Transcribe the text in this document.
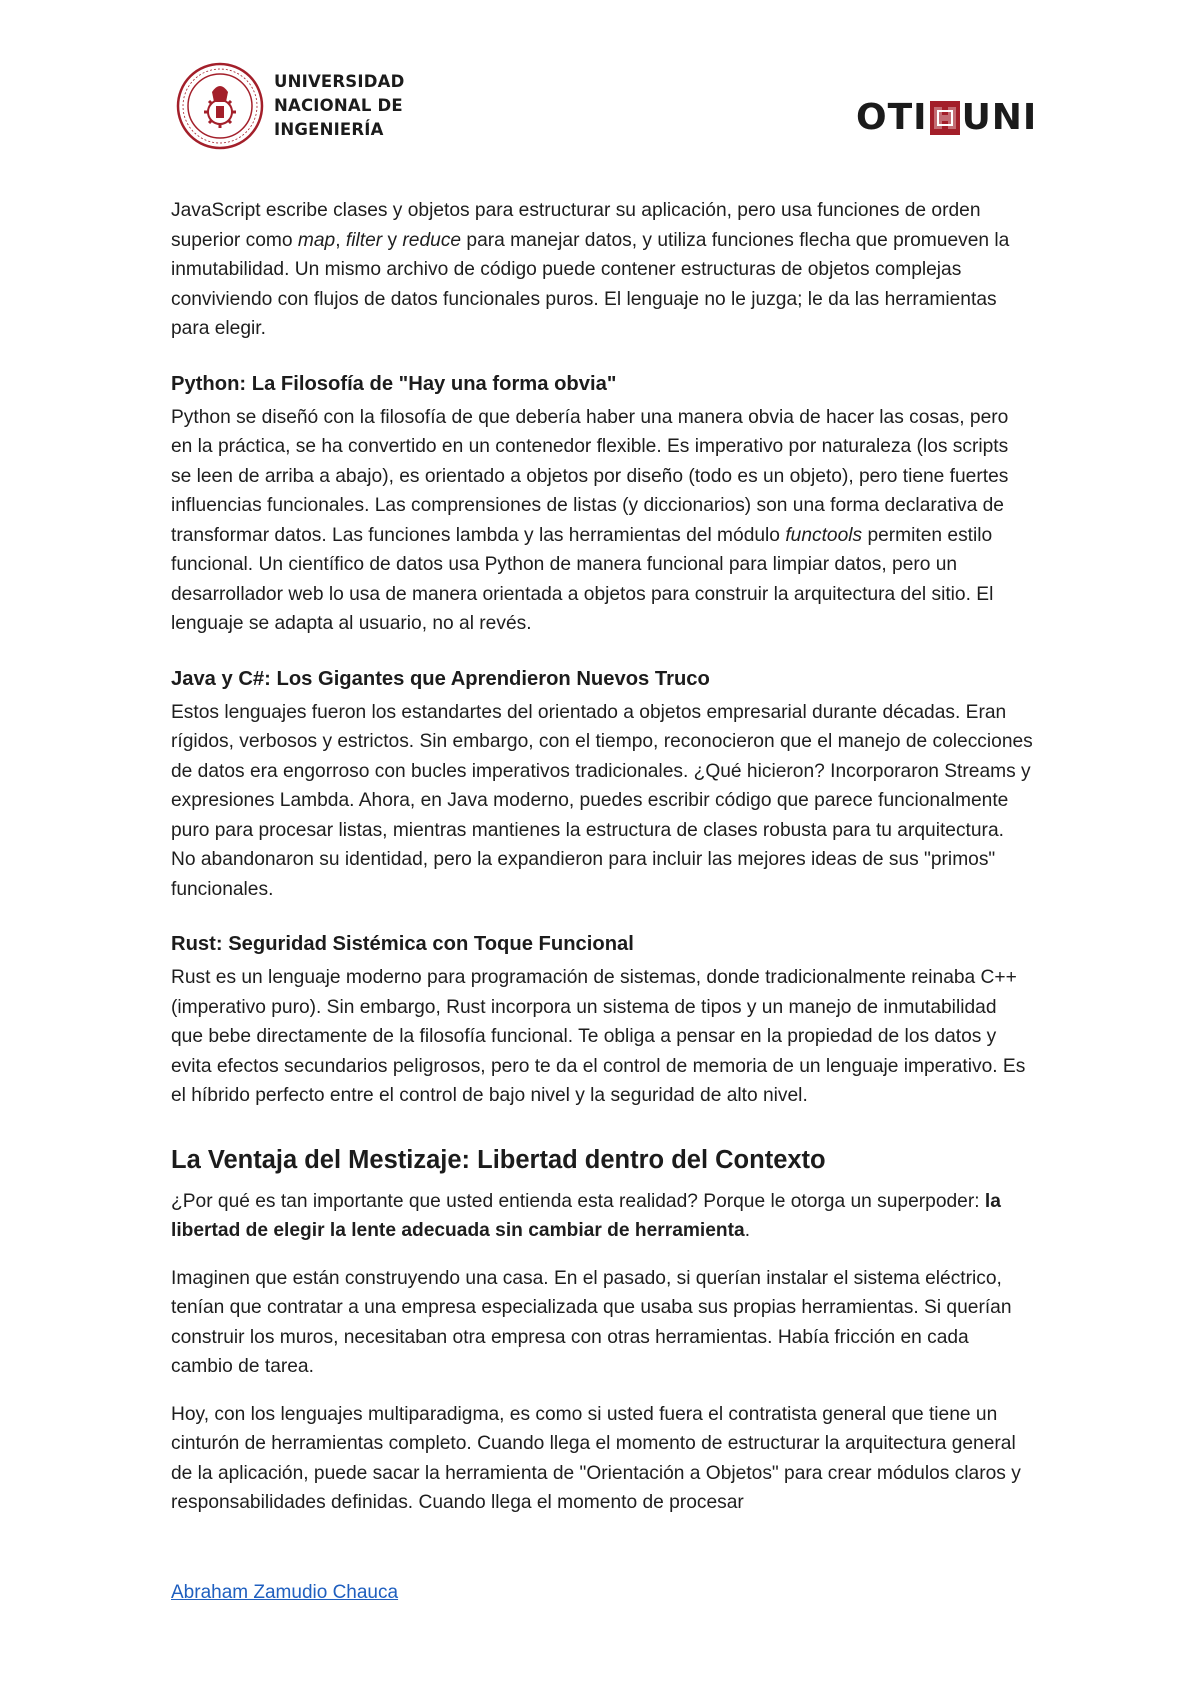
UNIVERSIDAD
NACIONAL DE
INGENIERÍA	OTI UNI

JavaScript escribe clases y objetos para estructurar su aplicación, pero usa funciones de orden superior como map, filter y reduce para manejar datos, y utiliza funciones flecha que promueven la inmutabilidad. Un mismo archivo de código puede contener estructuras de objetos complejas conviviendo con flujos de datos funcionales puros. El lenguaje no le juzga; le da las herramientas para elegir.

Python: La Filosofía de "Hay una forma obvia"

Python se diseñó con la filosofía de que debería haber una manera obvia de hacer las cosas, pero en la práctica, se ha convertido en un contenedor flexible. Es imperativo por naturaleza (los scripts se leen de arriba a abajo), es orientado a objetos por diseño (todo es un objeto), pero tiene fuertes influencias funcionales. Las comprensiones de listas (y diccionarios) son una forma declarativa de transformar datos. Las funciones lambda y las herramientas del módulo functools permiten estilo funcional. Un científico de datos usa Python de manera funcional para limpiar datos, pero un desarrollador web lo usa de manera orientada a objetos para construir la arquitectura del sitio. El lenguaje se adapta al usuario, no al revés.

Java y C#: Los Gigantes que Aprendieron Nuevos Truco

Estos lenguajes fueron los estandartes del orientado a objetos empresarial durante décadas. Eran rígidos, verbosos y estrictos. Sin embargo, con el tiempo, reconocieron que el manejo de colecciones de datos era engorroso con bucles imperativos tradicionales. ¿Qué hicieron? Incorporaron Streams y expresiones Lambda. Ahora, en Java moderno, puedes escribir código que parece funcionalmente puro para procesar listas, mientras mantienes la estructura de clases robusta para tu arquitectura. No abandonaron su identidad, pero la expandieron para incluir las mejores ideas de sus "primos" funcionales.

Rust: Seguridad Sistémica con Toque Funcional

Rust es un lenguaje moderno para programación de sistemas, donde tradicionalmente reinaba C++ (imperativo puro). Sin embargo, Rust incorpora un sistema de tipos y un manejo de inmutabilidad que bebe directamente de la filosofía funcional. Te obliga a pensar en la propiedad de los datos y evita efectos secundarios peligrosos, pero te da el control de memoria de un lenguaje imperativo. Es el híbrido perfecto entre el control de bajo nivel y la seguridad de alto nivel.

La Ventaja del Mestizaje: Libertad dentro del Contexto

¿Por qué es tan importante que usted entienda esta realidad? Porque le otorga un superpoder: la libertad de elegir la lente adecuada sin cambiar de herramienta.

Imaginen que están construyendo una casa. En el pasado, si querían instalar el sistema eléctrico, tenían que contratar a una empresa especializada que usaba sus propias herramientas. Si querían construir los muros, necesitaban otra empresa con otras herramientas. Había fricción en cada cambio de tarea.

Hoy, con los lenguajes multiparadigma, es como si usted fuera el contratista general que tiene un cinturón de herramientas completo. Cuando llega el momento de estructurar la arquitectura general de la aplicación, puede sacar la herramienta de "Orientación a Objetos" para crear módulos claros y responsabilidades definidas. Cuando llega el momento de procesar

Abraham Zamudio Chauca
